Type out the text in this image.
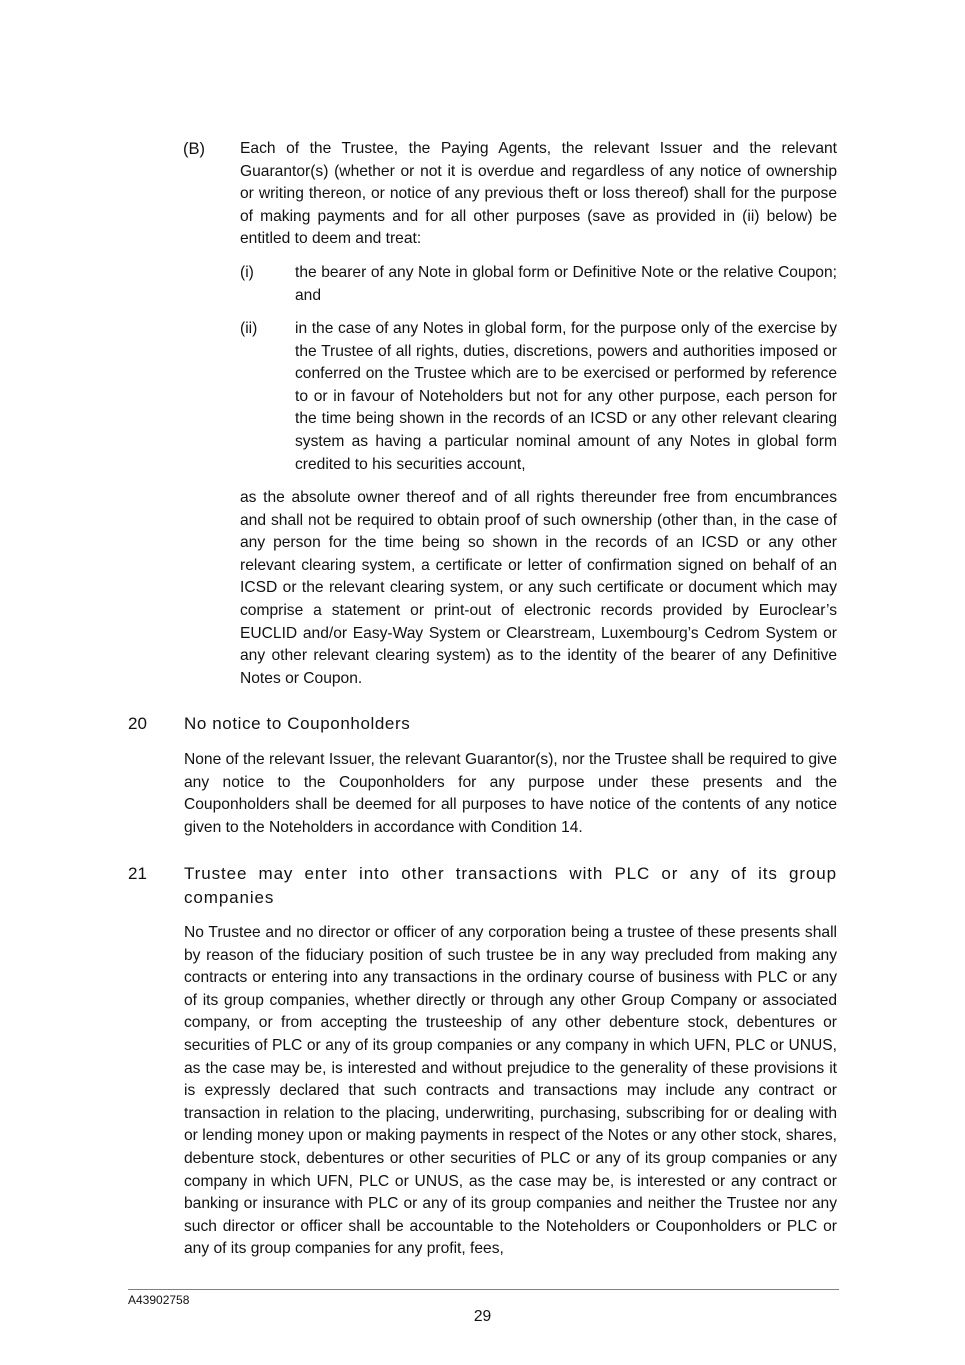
(B) Each of the Trustee, the Paying Agents, the relevant Issuer and the relevant Guarantor(s) (whether or not it is overdue and regardless of any notice of ownership or writing thereon, or notice of any previous theft or loss thereof) shall for the purpose of making payments and for all other purposes (save as provided in (ii) below) be entitled to deem and treat:

(i)	the bearer of any Note in global form or Definitive Note or the relative Coupon; and

(ii) in the case of any Notes in global form, for the purpose only of the exercise by the Trustee of all rights, duties, discretions, powers and authorities imposed or conferred on the Trustee which are to be exercised or performed by reference to or in favour of Noteholders but not for any other purpose, each person for the time being shown in the records of an ICSD or any other relevant clearing system as having a particular nominal amount of any Notes in global form credited to his securities account,

as the absolute owner thereof and of all rights thereunder free from encumbrances and shall not be required to obtain proof of such ownership (other than, in the case of any person for the time being so shown in the records of an ICSD or any other relevant clearing system, a certificate or letter of confirmation signed on behalf of an ICSD or the relevant clearing system, or any such certificate or document which may comprise a statement or print-out of electronic records provided by Euroclear’s EUCLID and/or Easy-Way System or Clearstream, Luxembourg’s Cedrom System or any other relevant clearing system) as to the identity of the bearer of any Definitive Notes or Coupon.

20 No notice to Couponholders

None of the relevant Issuer, the relevant Guarantor(s), nor the Trustee shall be required to give any notice to the Couponholders for any purpose under these presents and the Couponholders shall be deemed for all purposes to have notice of the contents of any notice given to the Noteholders in accordance with Condition 14.

21 Trustee may enter into other transactions with PLC or any of its group companies

No Trustee and no director or officer of any corporation being a trustee of these presents shall by reason of the fiduciary position of such trustee be in any way precluded from making any contracts or entering into any transactions in the ordinary course of business with PLC or any of its group companies, whether directly or through any other Group Company or associated company, or from accepting the trusteeship of any other debenture stock, debentures or securities of PLC or any of its group companies or any company in which UFN, PLC or UNUS, as the case may be, is interested and without prejudice to the generality of these provisions it is expressly declared that such contracts and transactions may include any contract or transaction in relation to the placing, underwriting, purchasing, subscribing for or dealing with or lending money upon or making payments in respect of the Notes or any other stock, shares, debenture stock, debentures or other securities of PLC or any of its group companies or any company in which UFN, PLC or UNUS, as the case may be, is interested or any contract or banking or insurance with PLC or any of its group companies and neither the Trustee nor any such director or officer shall be accountable to the Noteholders or Couponholders or PLC or any of its group companies for any profit, fees,

A43902758
29
